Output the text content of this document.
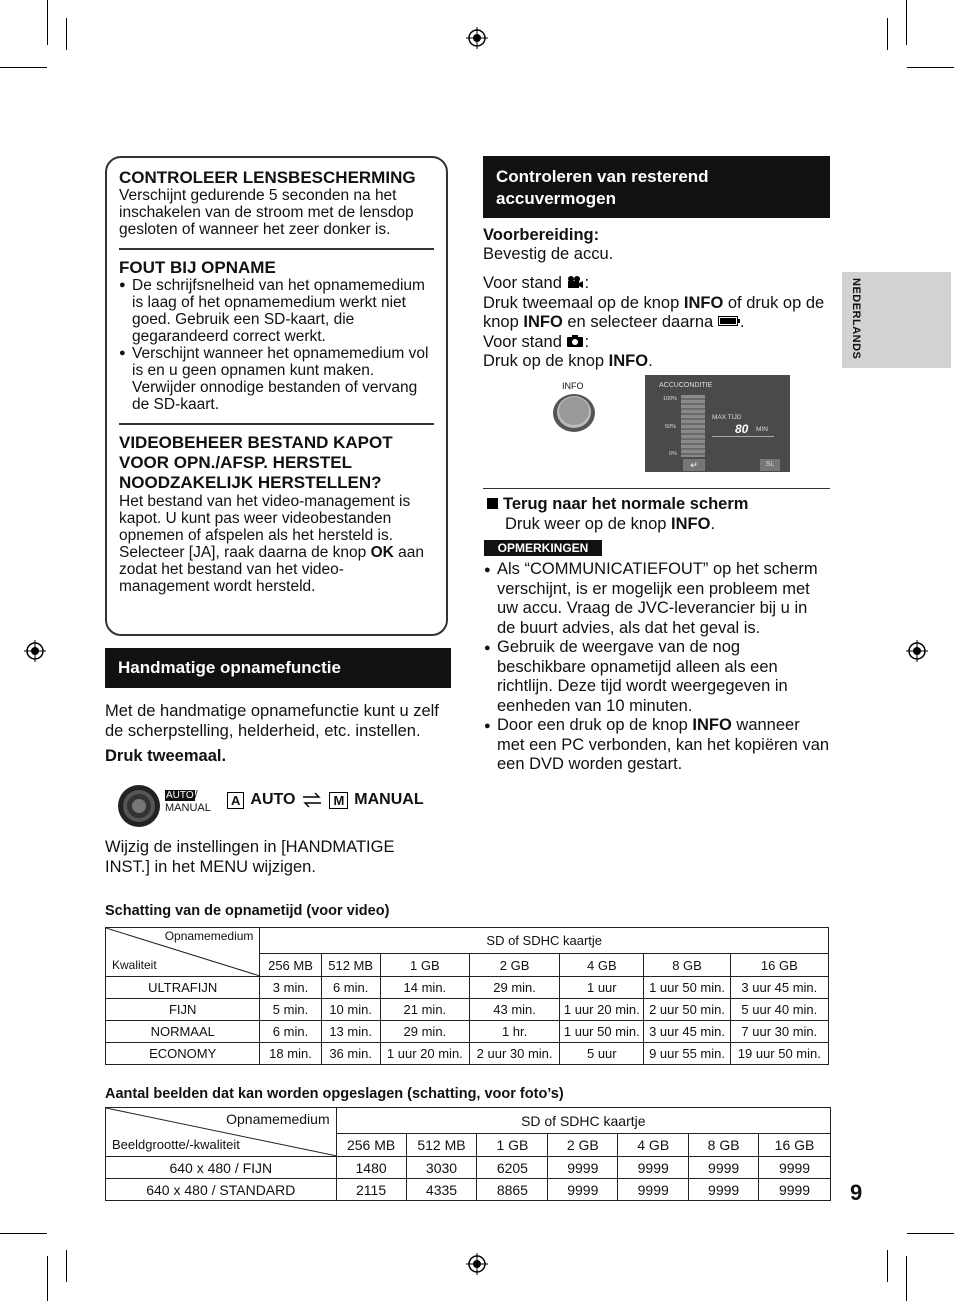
NEDERLANDS
CONTROLEER LENSBESCHERMING
Verschijnt gedurende 5 seconden na het inschakelen van de stroom met de lensdop gesloten of wanneer het zeer donker is.
FOUT BIJ OPNAME
● De schrijfsnelheid van het opnamemedium is laag of het opnamemedium werkt niet goed. Gebruik een SD-kaart, die gegarandeerd correct werkt.
● Verschijnt wanneer het opnamemedium vol is en u geen opnamen kunt maken. Verwijder onnodige bestanden of vervang de SD-kaart.
VIDEOBEHEER BESTAND KAPOT VOOR OPN./AFSP. HERSTEL NOODZAKELIJK HERSTELLEN?
Het bestand van het video-management is kapot. U kunt pas weer videobestanden opnemen of afspelen als het hersteld is. Selecteer [JA], raak daarna de knop OK aan zodat het bestand van het video-management wordt hersteld.
Handmatige opnamefunctie
Met de handmatige opnamefunctie kunt u zelf de scherpstelling, helderheid, etc. instellen.
Druk tweemaal.
AUTO/
MANUAL
A AUTO	M MANUAL
Wijzig de instellingen in [HANDMATIGE INST.] in het MENU wijzigen.
Controleren van resterend accuvermogen
Voorbereiding:
Bevestig de accu.
Voor stand :
Druk tweemaal op de knop INFO of druk op de knop INFO en selecteer daarna .
Voor stand :
Druk op de knop INFO.
INFO	ACCUCONDITIE
100%
50%
0%
MAX TIJD
80 MIN
↵	SL
Terug naar het normale scherm
Druk weer op de knop INFO.
OPMERKINGEN
● Als “COMMUNICATIEFOUT” op het scherm verschijnt, is er mogelijk een probleem met uw accu. Vraag de JVC-leverancier bij u in de buurt advies, als dat het geval is.
● Gebruik de weergave van de nog beschikbare opnametijd alleen als een richtlijn. Deze tijd wordt weergegeven in eenheden van 10 minuten.
● Door een druk op de knop INFO wanneer met een PC verbonden, kan het kopiëren van een DVD worden gestart.
Schatting van de opnametijd (voor video)
Opnamemedium
Kwaliteit	SD of SDHC kaartje						
	256 MB	512 MB	1 GB	2 GB	4 GB	8 GB	16 GB
ULTRAFIJN	3 min.	6 min.	14 min.	29 min.	1 uur	1 uur 50 min.	3 uur 45 min.
FIJN	5 min.	10 min.	21 min.	43 min.	1 uur 20 min.	2 uur 50 min.	5 uur 40 min.
NORMAAL	6 min.	13 min.	29 min.	1 hr.	1 uur 50 min.	3 uur 45 min.	7 uur 30 min.
ECONOMY	18 min.	36 min.	1 uur 20 min.	2 uur 30 min.	5 uur	9 uur 55 min.	19 uur 50 min.
Aantal beelden dat kan worden opgeslagen (schatting, voor foto’s)
Opnamemedium
Beeldgrootte/-kwaliteit	SD of SDHC kaartje						
	256 MB	512 MB	1 GB	2 GB	4 GB	8 GB	16 GB
640 x 480 / FIJN	1480	3030	6205	9999	9999	9999	9999
640 x 480 / STANDARD	2115	4335	8865	9999	9999	9999	9999 9
